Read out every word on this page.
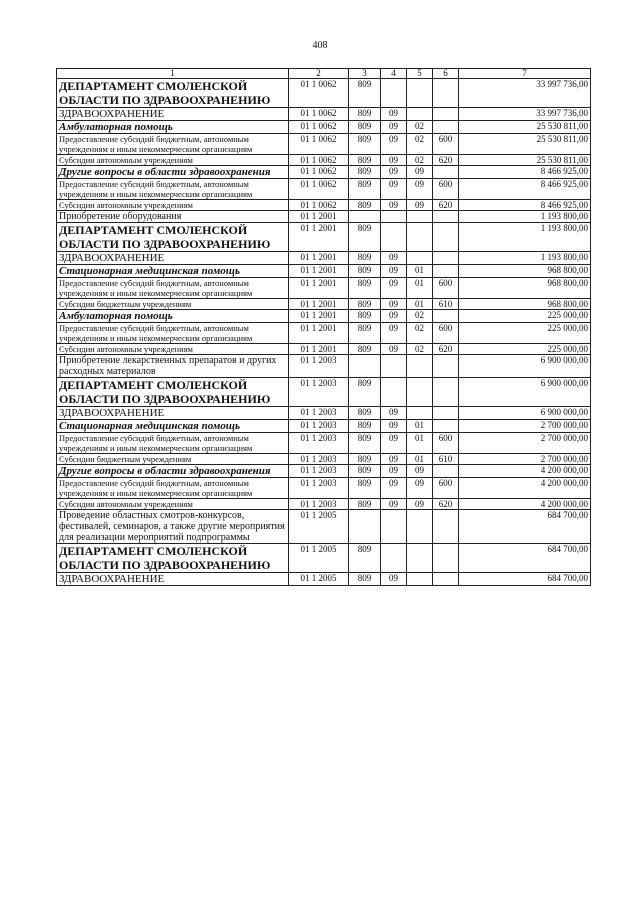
408
1	2	3	4	5	6	7
ДЕПАРТАМЕНТ СМОЛЕНСКОЙ ОБЛАСТИ ПО ЗДРАВООХРАНЕНИЮ	01 1 0062	809				33 997 736,00
ЗДРАВООХРАНЕНИЕ	01 1 0062	809	09			33 997 736,00
Амбулаторная помощь	01 1 0062	809	09	02		25 530 811,00
Предоставление субсидий бюджетным, автономным учреждениям и иным некоммерческим организациям	01 1 0062	809	09	02	600	25 530 811,00
Субсидии автономным учреждениям	01 1 0062	809	09	02	620	25 530 811,00
Другие вопросы в области здравоохранения	01 1 0062	809	09	09		8 466 925,00
Предоставление субсидий бюджетным, автономным учреждениям и иным некоммерческим организациям	01 1 0062	809	09	09	600	8 466 925,00
Субсидии автономным учреждениям	01 1 0062	809	09	09	620	8 466 925,00
Приобретение оборудования	01 1 2001					1 193 800,00
ДЕПАРТАМЕНТ СМОЛЕНСКОЙ ОБЛАСТИ ПО ЗДРАВООХРАНЕНИЮ	01 1 2001	809				1 193 800,00
ЗДРАВООХРАНЕНИЕ	01 1 2001	809	09			1 193 800,00
Стационарная медицинская помощь	01 1 2001	809	09	01		968 800,00
Предоставление субсидий бюджетным, автономным учреждениям и иным некоммерческим организациям	01 1 2001	809	09	01	600	968 800,00
Субсидии бюджетным учреждениям	01 1 2001	809	09	01	610	968 800,00
Амбулаторная помощь	01 1 2001	809	09	02		225 000,00
Предоставление субсидий бюджетным, автономным учреждениям и иным некоммерческим организациям	01 1 2001	809	09	02	600	225 000,00
Субсидии автономным учреждениям	01 1 2001	809	09	02	620	225 000,00
Приобретение лекарственных препаратов и других расходных материалов	01 1 2003					6 900 000,00
ДЕПАРТАМЕНТ СМОЛЕНСКОЙ ОБЛАСТИ ПО ЗДРАВООХРАНЕНИЮ	01 1 2003	809				6 900 000,00
ЗДРАВООХРАНЕНИЕ	01 1 2003	809	09			6 900 000,00
Стационарная медицинская помощь	01 1 2003	809	09	01		2 700 000,00
Предоставление субсидий бюджетным, автономным учреждениям и иным некоммерческим организациям	01 1 2003	809	09	01	600	2 700 000,00
Субсидии бюджетным учреждениям	01 1 2003	809	09	01	610	2 700 000,00
Другие вопросы в области здравоохранения	01 1 2003	809	09	09		4 200 000,00
Предоставление субсидий бюджетным, автономным учреждениям и иным некоммерческим организациям	01 1 2003	809	09	09	600	4 200 000,00
Субсидии автономным учреждениям	01 1 2003	809	09	09	620	4 200 000,00
Проведение областных смотров-конкурсов, фестивалей, семинаров, а также другие мероприятия для реализации мероприятий подпрограммы	01 1 2005					684 700,00
ДЕПАРТАМЕНТ СМОЛЕНСКОЙ ОБЛАСТИ ПО ЗДРАВООХРАНЕНИЮ	01 1 2005	809				684 700,00
ЗДРАВООХРАНЕНИЕ	01 1 2005	809	09			684 700,00
